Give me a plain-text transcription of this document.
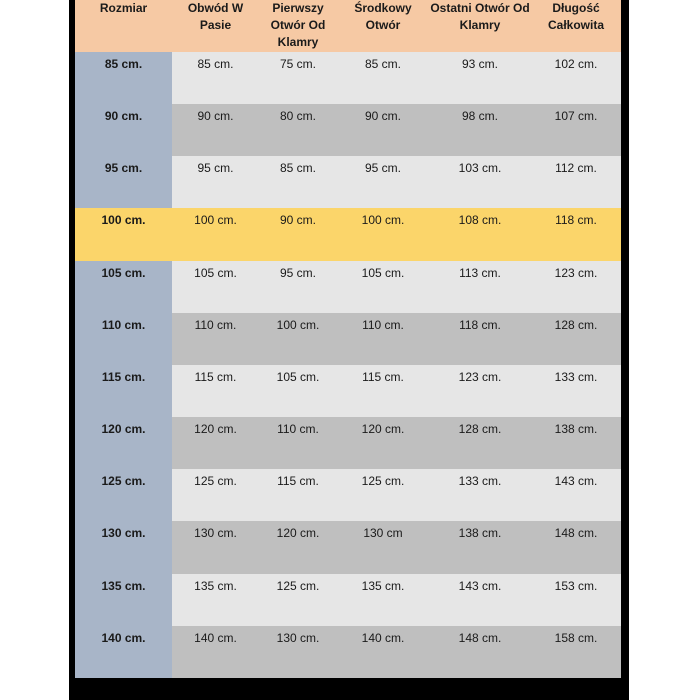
Rozmiar	Obwód W Pasie	Pierwszy Otwór Od Klamry	Środkowy Otwór	Ostatni Otwór Od Klamry	Długość Całkowita
85 cm.	85 cm.	75 cm.	85 cm.	93 cm.	102 cm.
90 cm.	90 cm.	80 cm.	90 cm.	98 cm.	107 cm.
95 cm.	95 cm.	85 cm.	95 cm.	103 cm.	112 cm.
100 cm.	100 cm.	90 cm.	100 cm.	108 cm.	118 cm.
105 cm.	105 cm.	95 cm.	105 cm.	113 cm.	123 cm.
110 cm.	110 cm.	100 cm.	110 cm.	118 cm.	128 cm.
115 cm.	115 cm.	105 cm.	115 cm.	123 cm.	133 cm.
120 cm.	120 cm.	110 cm.	120 cm.	128 cm.	138 cm.
125 cm.	125 cm.	115 cm.	125 cm.	133 cm.	143 cm.
130 cm.	130 cm.	120 cm.	130 cm	138 cm.	148 cm.
135 cm.	135 cm.	125 cm.	135 cm.	143 cm.	153 cm.
140 cm.	140 cm.	130 cm.	140 cm.	148 cm.	158 cm.
